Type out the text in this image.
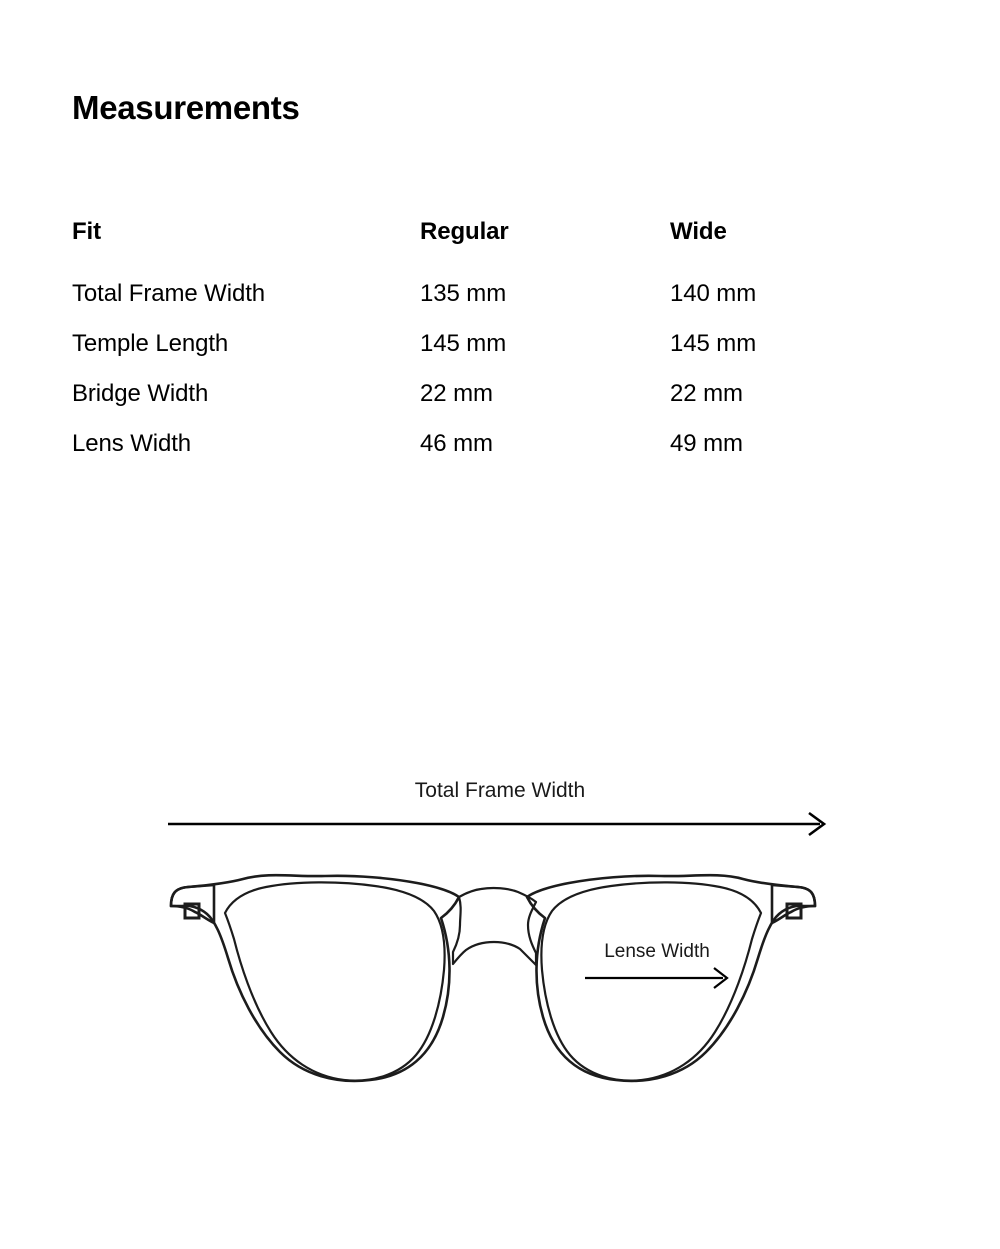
Measurements
Fit	Regular	Wide
Total Frame Width	135 mm	140 mm
Temple Length	145 mm	145 mm
Bridge Width	22 mm	22 mm
Lens Width	46 mm	49 mm
Total Frame Width
Lense Width
